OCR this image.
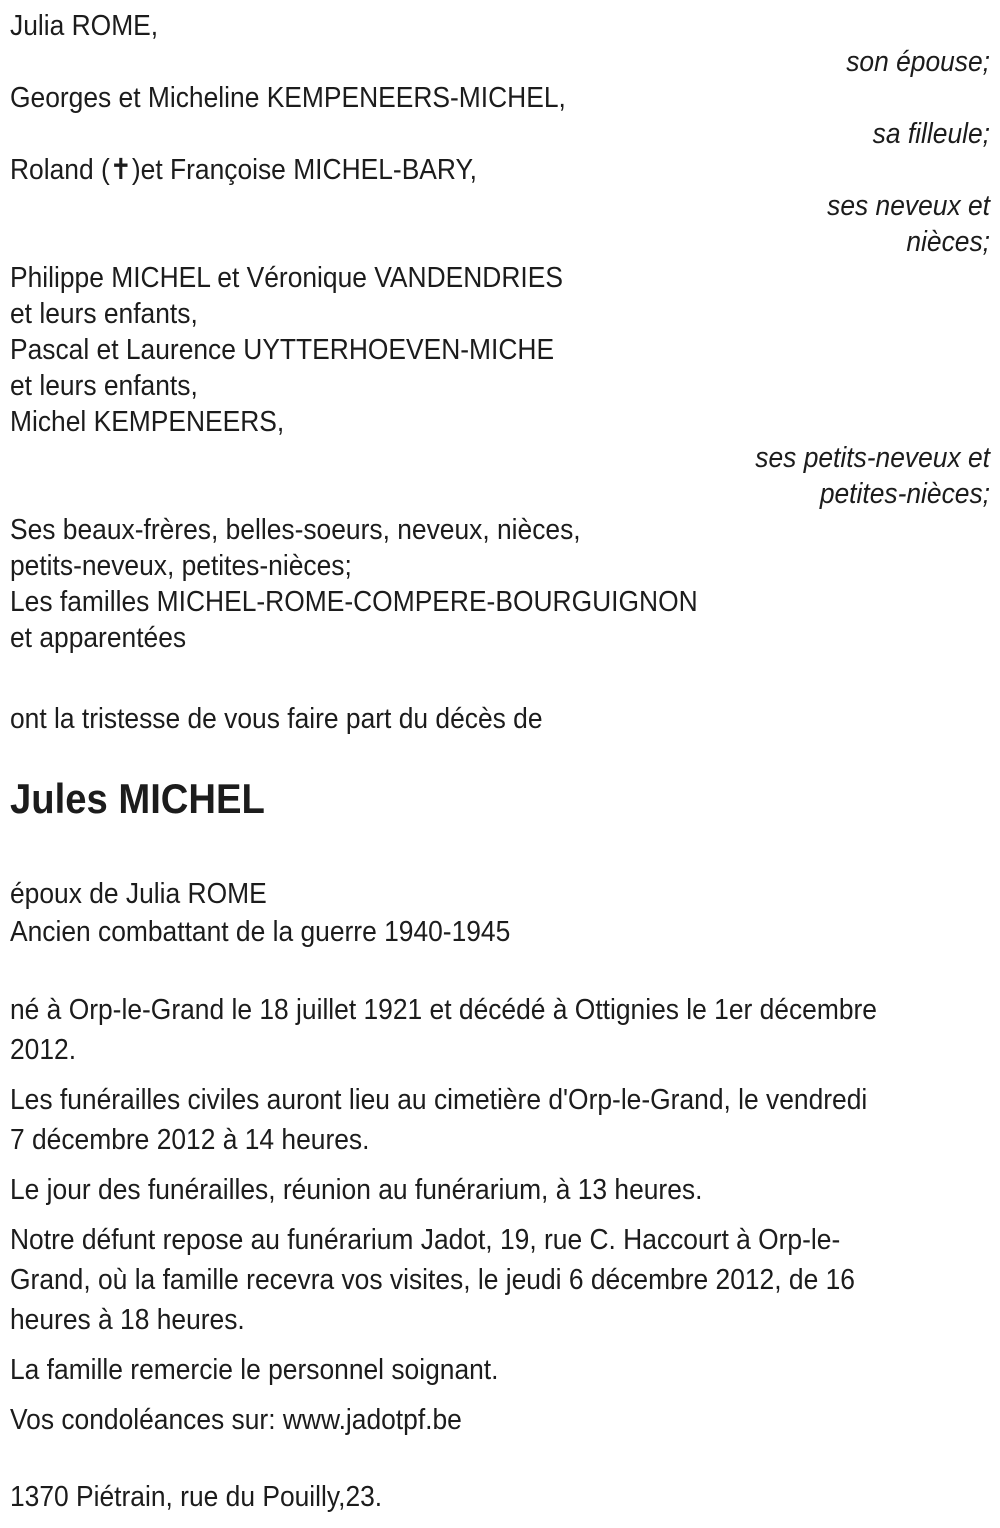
Julia ROME,
son épouse;
Georges et Micheline KEMPENEERS-MICHEL,
sa filleule;
Roland (✝)et Françoise MICHEL-BARY,
ses neveux et
nièces;
Philippe MICHEL et Véronique VANDENDRIES
et leurs enfants,
Pascal et Laurence UYTTERHOEVEN-MICHE
et leurs enfants,
Michel KEMPENEERS,
ses petits-neveux et
petites-nièces;
Ses beaux-frères, belles-soeurs, neveux, nièces,
petits-neveux, petites-nièces;
Les familles MICHEL-ROME-COMPERE-BOURGUIGNON
et apparentées

ont la tristesse de vous faire part du décès de

Jules MICHEL
époux de Julia ROME
Ancien combattant de la guerre 1940-1945

né à Orp-le-Grand le 18 juillet 1921 et décédé à Ottignies le 1er décembre
2012.

Les funérailles civiles auront lieu au cimetière d'Orp-le-Grand, le vendredi
7 décembre 2012 à 14 heures.

Le jour des funérailles, réunion au funérarium, à 13 heures.

Notre défunt repose au funérarium Jadot, 19, rue C. Haccourt à Orp-le-
Grand, où la famille recevra vos visites, le jeudi 6 décembre 2012, de 16
heures à 18 heures.

La famille remercie le personnel soignant.

Vos condoléances sur: www.jadotpf.be

1370 Piétrain, rue du Pouilly,23.
